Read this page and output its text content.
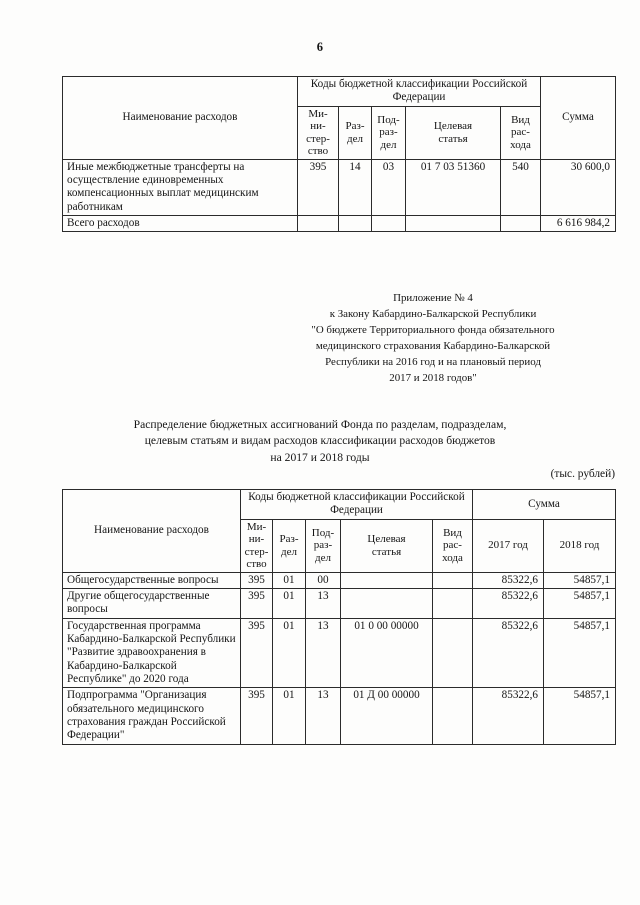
6
Наименование расходов	Коды бюджетной классификации Российской Федерации					Сумма

	Ми-
ни-
стер-
ство	Раз-
дел	Под-
раз-
дел	Целевая
статья	Вид
рас-
хода	

Иные межбюджетные трансферты на осуществление единовременных компенсационных выплат медицинским работникам	395	14	03	01 7 03 51360	540	30 600,0
Всего расходов						6 616 984,2
Приложение № 4
к Закону Кабардино-Балкарской Республики
"О бюджете Территориального фонда обязательного
медицинского страхования Кабардино-Балкарской
Республики на 2016 год и на плановый период
2017 и 2018 годов"
Распределение бюджетных ассигнований Фонда по разделам, подразделам,
целевым статьям и видам расходов классификации расходов бюджетов
на 2017 и 2018 годы
(тыс. рублей)
Наименование расходов	Коды бюджетной классификации Российской Федерации					Сумма	

	Ми-
ни-
стер-
ство	Раз-
дел	Под-
раз-
дел	Целевая
статья	Вид
рас-
хода	2017 год	2018 год
Общегосударственные вопросы	395	01	00			85322,6	54857,1
Другие общегосударственные вопросы	395	01	13			85322,6	54857,1
Государственная программа Кабардино-Балкарской Республики "Развитие здравоохранения в Кабардино-Балкарской Республике" до 2020 года	395	01	13	01 0 00 00000		85322,6	54857,1
Подпрограмма "Организация обязательного медицинского страхования граждан Российской Федерации"	395	01	13	01 Д 00 00000		85322,6	54857,1
